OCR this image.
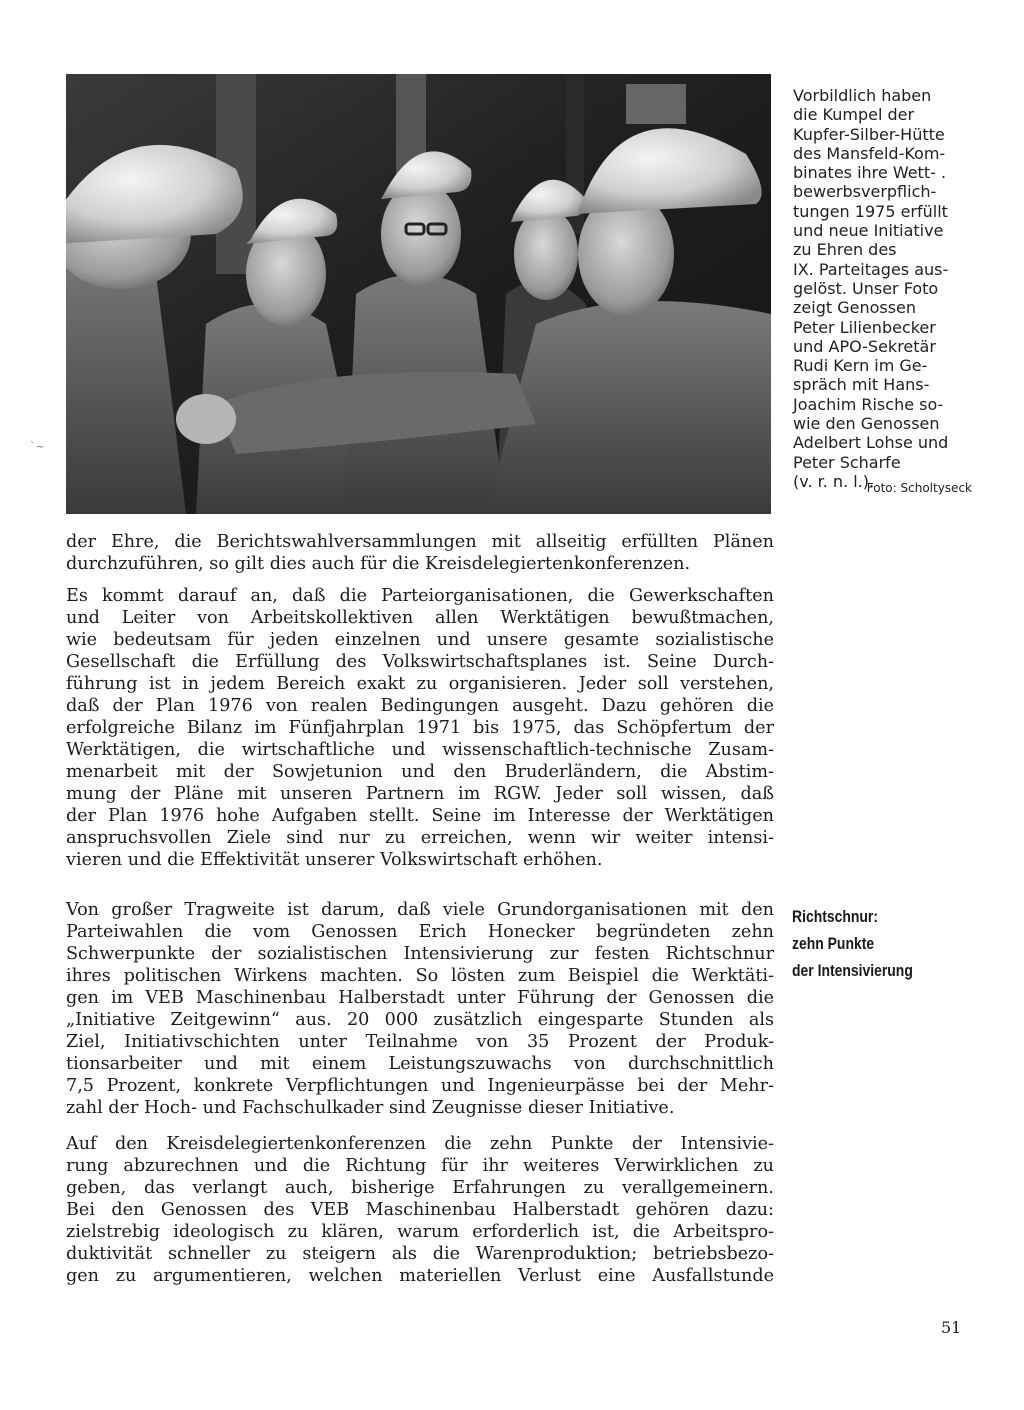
`~
Vorbildlich haben
die Kumpel der
Kupfer-Silber-Hütte
des Mansfeld-Kom-
binates ihre Wett- .
bewerbsverpflich-
tungen 1975 erfüllt
und neue Initiative
zu Ehren des
IX. Parteitages aus-
gelöst. Unser Foto
zeigt Genossen
Peter Lilienbecker
und APO-Sekretär
Rudi Kern im Ge-
spräch mit Hans-
Joachim Rische so-
wie den Genossen
Adelbert Lohse und
Peter Scharfe
(v. r. n. l.).
Foto: Scholtyseck
der Ehre, die Berichtswahlversammlungen mit allseitig erfüllten Plänen
durchzuführen, so gilt dies auch für die Kreisdelegiertenkonferenzen.
Es kommt darauf an, daß die Parteiorganisationen, die Gewerkschaften
und Leiter von Arbeitskollektiven allen Werktätigen bewußtmachen,
wie bedeutsam für jeden einzelnen und unsere gesamte sozialistische
Gesellschaft die Erfüllung des Volkswirtschaftsplanes ist. Seine Durch-
führung ist in jedem Bereich exakt zu organisieren. Jeder soll verstehen,
daß der Plan 1976 von realen Bedingungen ausgeht. Dazu gehören die
erfolgreiche Bilanz im Fünfjahrplan 1971 bis 1975, das Schöpfertum der
Werktätigen, die wirtschaftliche und wissenschaftlich-technische Zusam-
menarbeit mit der Sowjetunion und den Bruderländern, die Abstim-
mung der Pläne mit unseren Partnern im RGW. Jeder soll wissen, daß
der Plan 1976 hohe Aufgaben stellt. Seine im Interesse der Werktätigen
anspruchsvollen Ziele sind nur zu erreichen, wenn wir weiter intensi-
vieren und die Effektivität unserer Volkswirtschaft erhöhen.
Von großer Tragweite ist darum, daß viele Grundorganisationen mit den
Parteiwahlen die vom Genossen Erich Honecker begründeten zehn
Schwerpunkte der sozialistischen Intensivierung zur festen Richtschnur
ihres politischen Wirkens machten. So lösten zum Beispiel die Werktäti-
gen im VEB Maschinenbau Halberstadt unter Führung der Genossen die
„Initiative Zeitgewinn“ aus. 20 000 zusätzlich eingesparte Stunden als
Ziel, Initiativschichten unter Teilnahme von 35 Prozent der Produk-
tionsarbeiter und mit einem Leistungszuwachs von durchschnittlich
7,5 Prozent, konkrete Verpflichtungen und Ingenieurpässe bei der Mehr-
zahl der Hoch- und Fachschulkader sind Zeugnisse dieser Initiative.
Auf den Kreisdelegiertenkonferenzen die zehn Punkte der Intensivie-
rung abzurechnen und die Richtung für ihr weiteres Verwirklichen zu
geben, das verlangt auch, bisherige Erfahrungen zu verallgemeinern.
Bei den Genossen des VEB Maschinenbau Halberstadt gehören dazu:
zielstrebig ideologisch zu klären, warum erforderlich ist, die Arbeitspro-
duktivität schneller zu steigern als die Warenproduktion; betriebsbezo-
gen zu argumentieren, welchen materiellen Verlust eine Ausfallstunde
Richtschnur:
zehn Punkte
der Intensivierung
51
